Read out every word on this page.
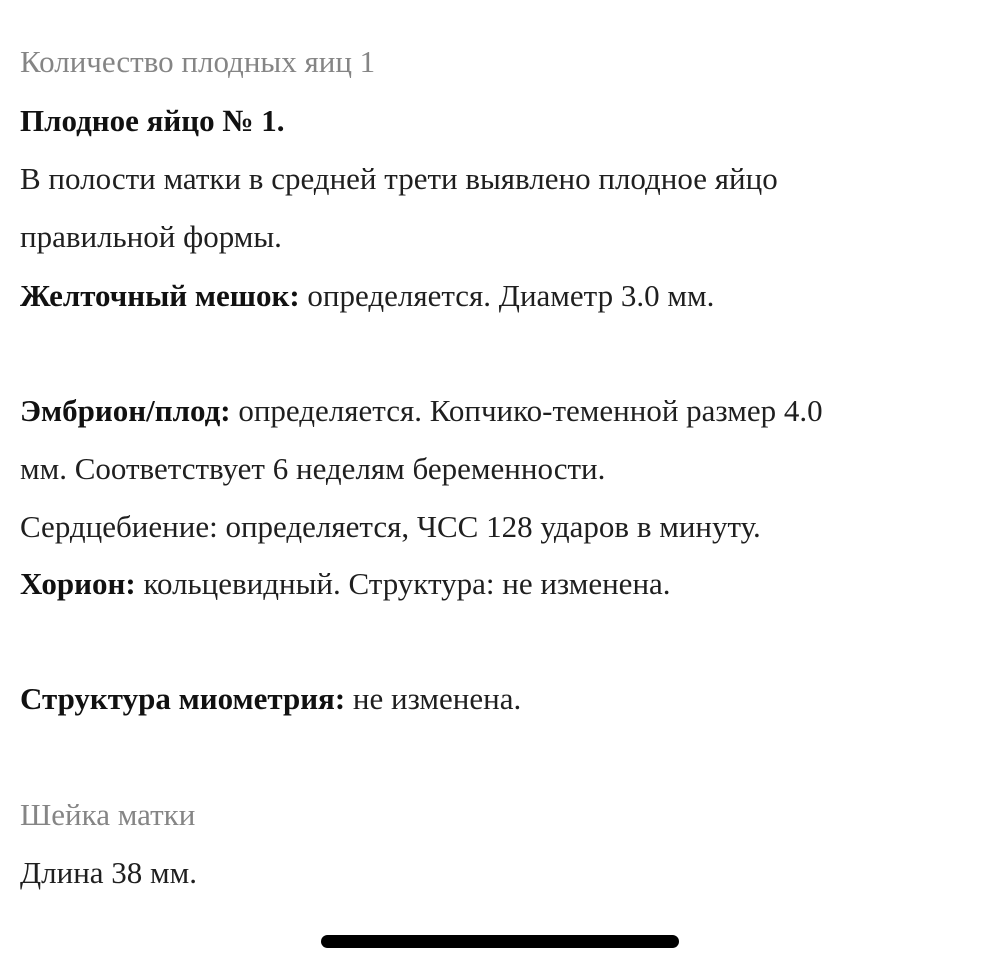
Количество плодных яиц 1
Плодное яйцо № 1.
В полости матки в средней трети выявлено плодное яйцо
правильной формы.
Желточный мешок: определяется. Диаметр 3.0 мм.
Эмбрион/плод: определяется. Копчико-теменной размер 4.0
мм. Соответствует 6 неделям беременности.
Сердцебиение: определяется, ЧСС 128 ударов в минуту.
Хорион: кольцевидный. Структура: не изменена.
Структура миометрия: не изменена.
Шейка матки
Длина 38 мм.
